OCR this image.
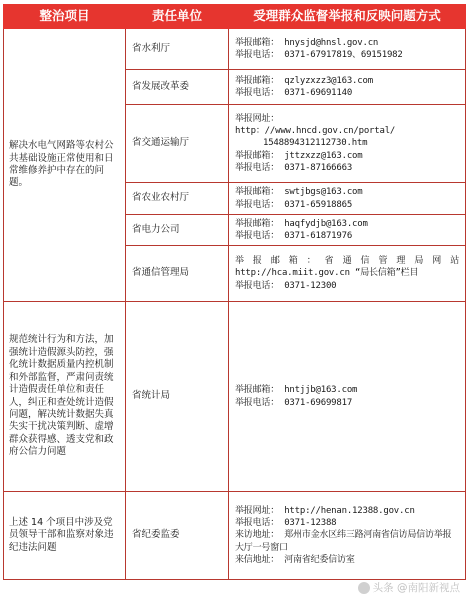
整治项目	责任单位	受理群众监督举报和反映问题方式
解决水电气网路等农村公共基础设施正常使用和日常维修养护中存在的问题。	省水利厅	举报邮箱： hnysjd@hnsl.gov.cn
举报电话： 0371-67917819、69151982

	省发展改革委	举报邮箱： qzlyzxzz3@163.com
举报电话： 0371-69691140

	省交通运输厅	举报网址：
http：//www.hncd.gov.cn/portal/
1548894312112730.htm
举报邮箱： jttzxzz@163.com
举报电话： 0371-87166663

	省农业农村厅	举报邮箱： swtjbgs@163.com
举报电话： 0371-65918865

	省电力公司	举报邮箱： haqfydjb@163.com
举报电话： 0371-61871976

	省通信管理局	举 报 邮 箱 ： 省 通 信 管 理 局 网 站
http://hca.miit.gov.cn “局长信箱”栏目
举报电话： 0371-12300

规范统计行为和方法，加强统计造假源头防控，强化统计数据质量内控机制和外部监督，严肃问责统计造假责任单位和责任人，纠正和查处统计造假问题，解决统计数据失真失实干扰决策判断、虚增群众获得感、透支党和政府公信力问题	省统计局	举报邮箱： hntjjb@163.com
举报电话： 0371-69699817

上述 14 个项目中涉及党员领导干部和监察对象违纪违法问题	省纪委监委	举报网址： http://henan.12388.gov.cn
举报电话： 0371-12388
来访地址： 郑州市金水区纬三路河南省信访局信访举报大厅一号窗口
来信地址： 河南省纪委信访室
头条 @南阳新视点
